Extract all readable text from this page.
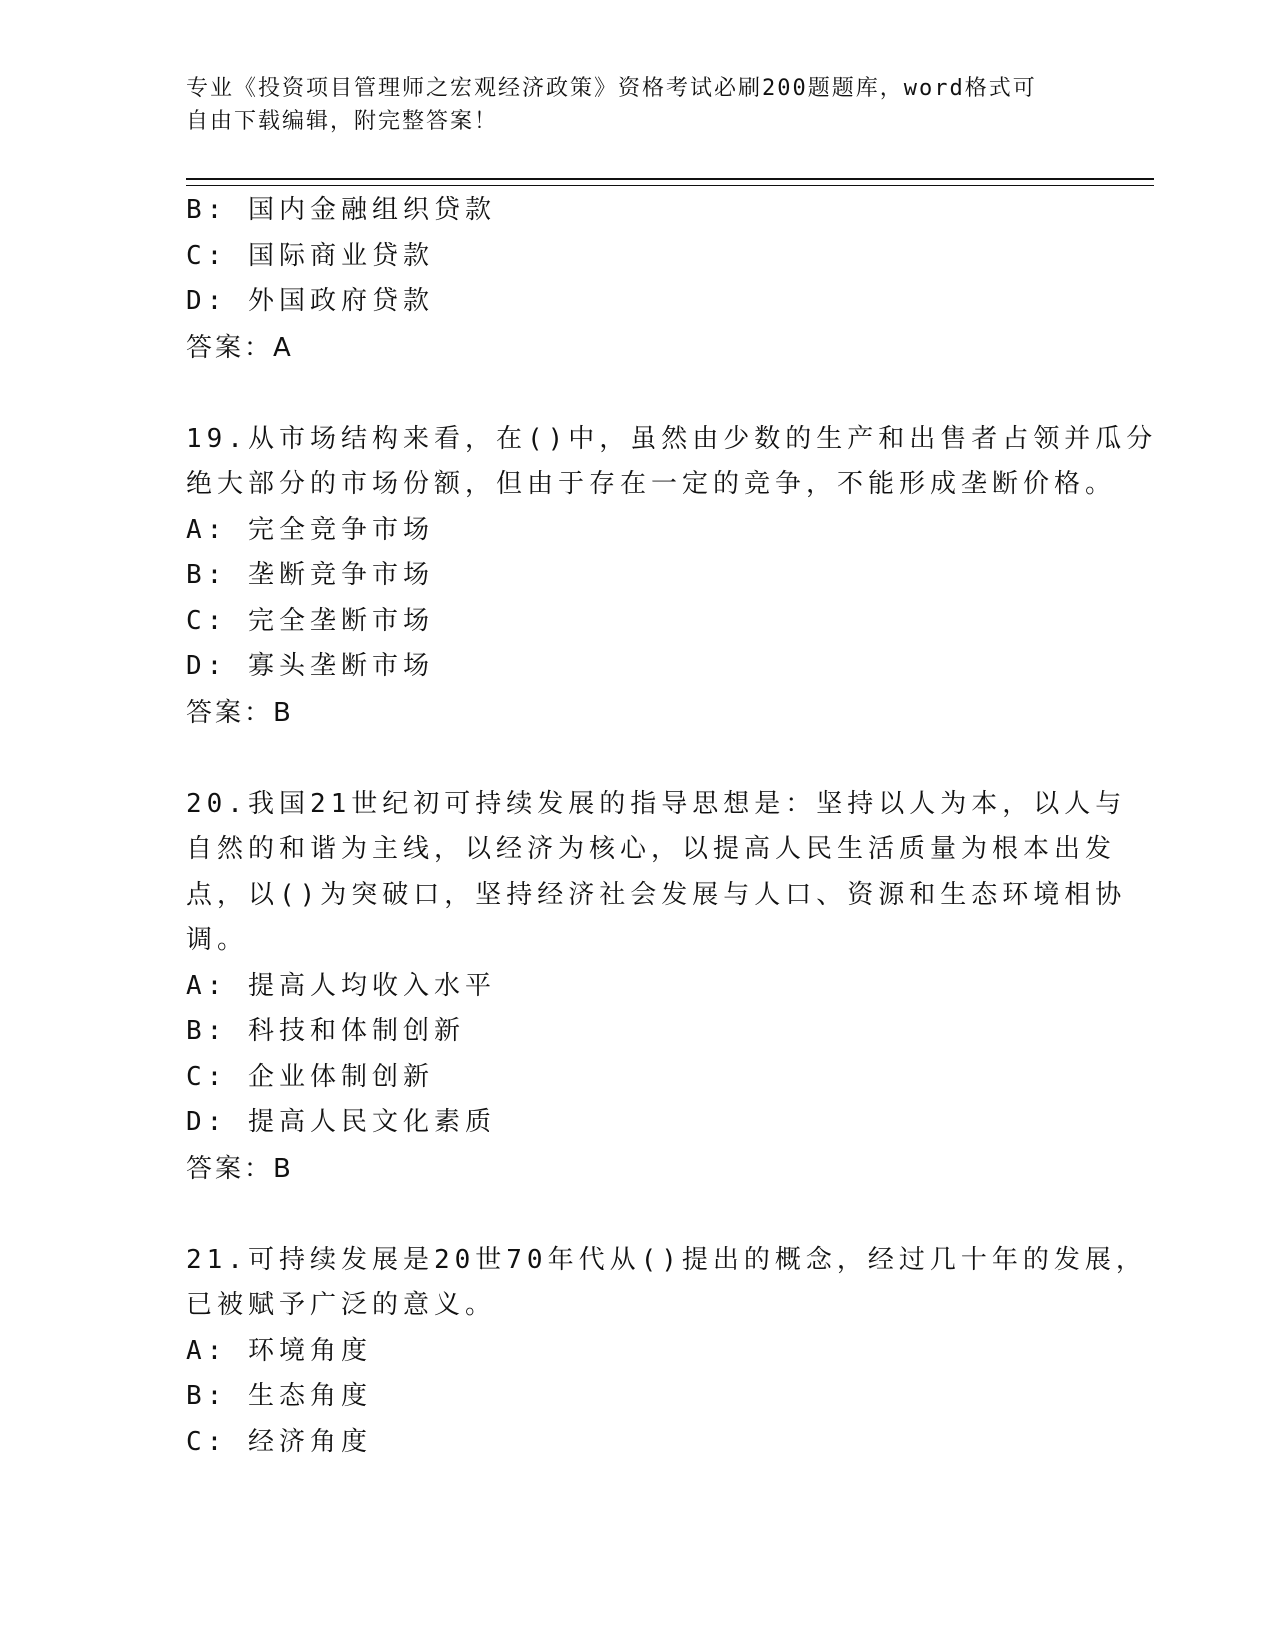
专业《投资项目管理师之宏观经济政策》资格考试必刷200题题库，word格式可
自由下载编辑，附完整答案！
B: 国内金融组织贷款
C: 国际商业贷款
D: 外国政府贷款
答案：A
19.从市场结构来看，在()中，虽然由少数的生产和出售者占领并瓜分
绝大部分的市场份额，但由于存在一定的竞争，不能形成垄断价格。
A: 完全竞争市场
B: 垄断竞争市场
C: 完全垄断市场
D: 寡头垄断市场
答案：B
20.我国21世纪初可持续发展的指导思想是：坚持以人为本，以人与
自然的和谐为主线，以经济为核心，以提高人民生活质量为根本出发
点，以()为突破口，坚持经济社会发展与人口、资源和生态环境相协
调。
A: 提高人均收入水平
B: 科技和体制创新
C: 企业体制创新
D: 提高人民文化素质
答案：B
21.可持续发展是20世70年代从()提出的概念，经过几十年的发展，
已被赋予广泛的意义。
A: 环境角度
B: 生态角度
C: 经济角度
